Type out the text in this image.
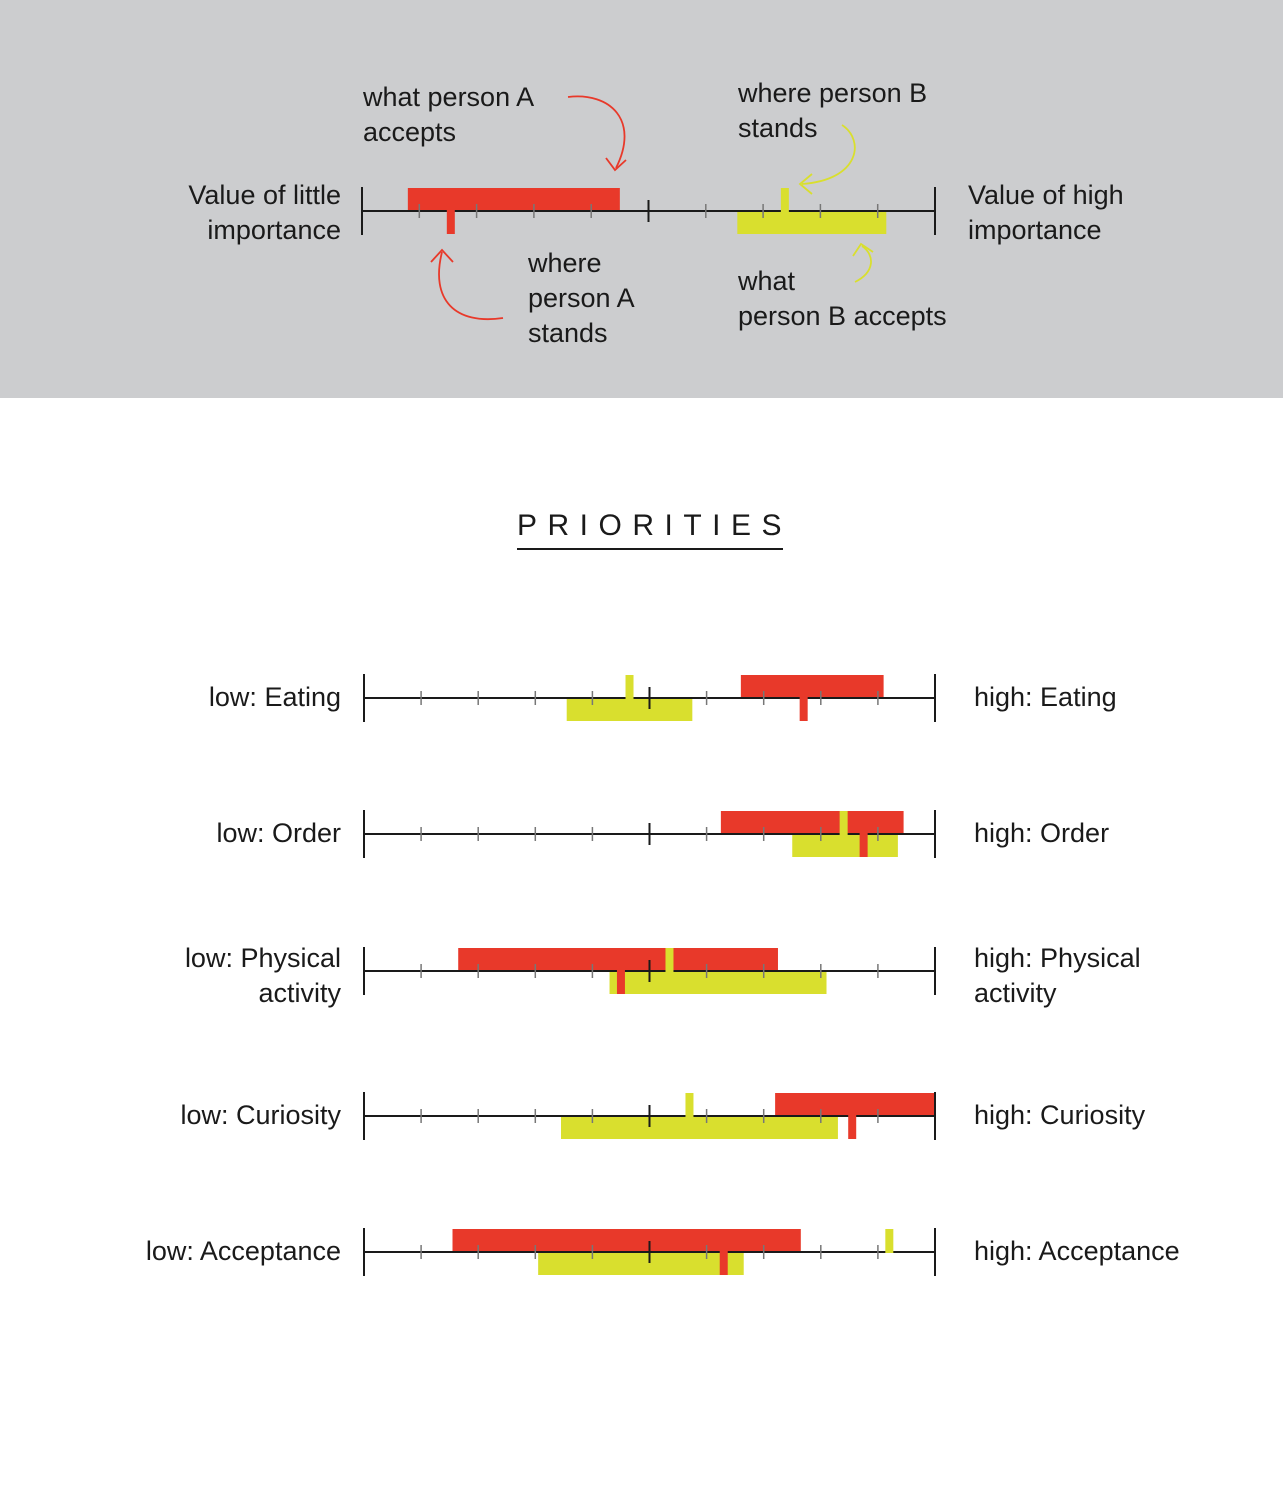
Value of little
importance
Value of high
importance
what person A
accepts
where
person A
stands
where person B
stands
what
person B accepts
PRIORITIES
low: Eating	high: Eating
low: Order	high: Order
low: Physical
activity
high: Physical
activity
low: Curiosity	high: Curiosity
low: Acceptance	high: Acceptance
